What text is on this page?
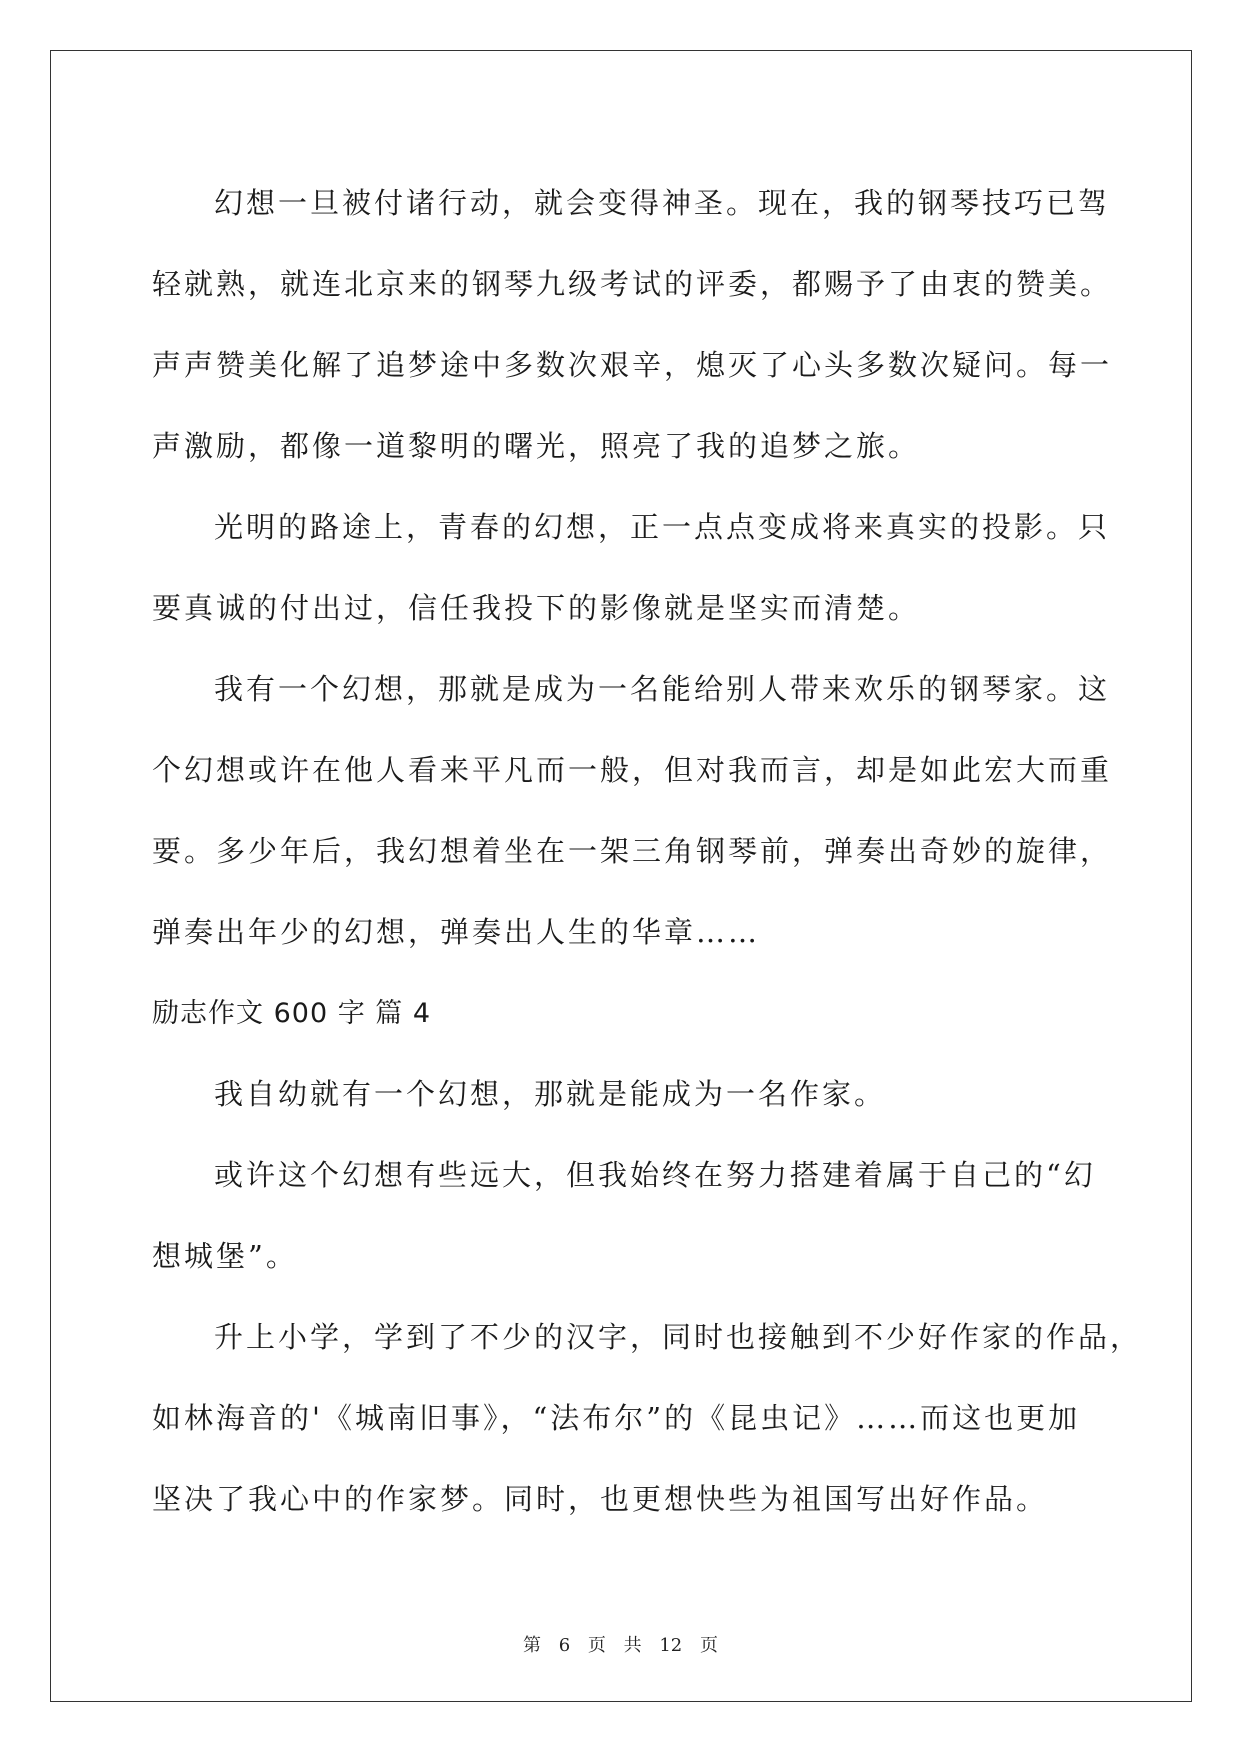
幻想一旦被付诸行动，就会变得神圣。现在，我的钢琴技巧已驾
轻就熟，就连北京来的钢琴九级考试的评委，都赐予了由衷的赞美。
声声赞美化解了追梦途中多数次艰辛，熄灭了心头多数次疑问。每一
声激励，都像一道黎明的曙光，照亮了我的追梦之旅。
光明的路途上，青春的幻想，正一点点变成将来真实的投影。只
要真诚的付出过，信任我投下的影像就是坚实而清楚。
我有一个幻想，那就是成为一名能给别人带来欢乐的钢琴家。这
个幻想或许在他人看来平凡而一般，但对我而言，却是如此宏大而重
要。多少年后，我幻想着坐在一架三角钢琴前，弹奏出奇妙的旋律，
弹奏出年少的幻想，弹奏出人生的华章……
励志作文 600 字 篇 4
我自幼就有一个幻想，那就是能成为一名作家。
或许这个幻想有些远大，但我始终在努力搭建着属于自己的“幻
想城堡”。
升上小学，学到了不少的汉字，同时也接触到不少好作家的作品，
如林海音的'《城南旧事》，“法布尔”的《昆虫记》……而这也更加
坚决了我心中的作家梦。同时，也更想快些为祖国写出好作品。
第 6 页 共 12 页
